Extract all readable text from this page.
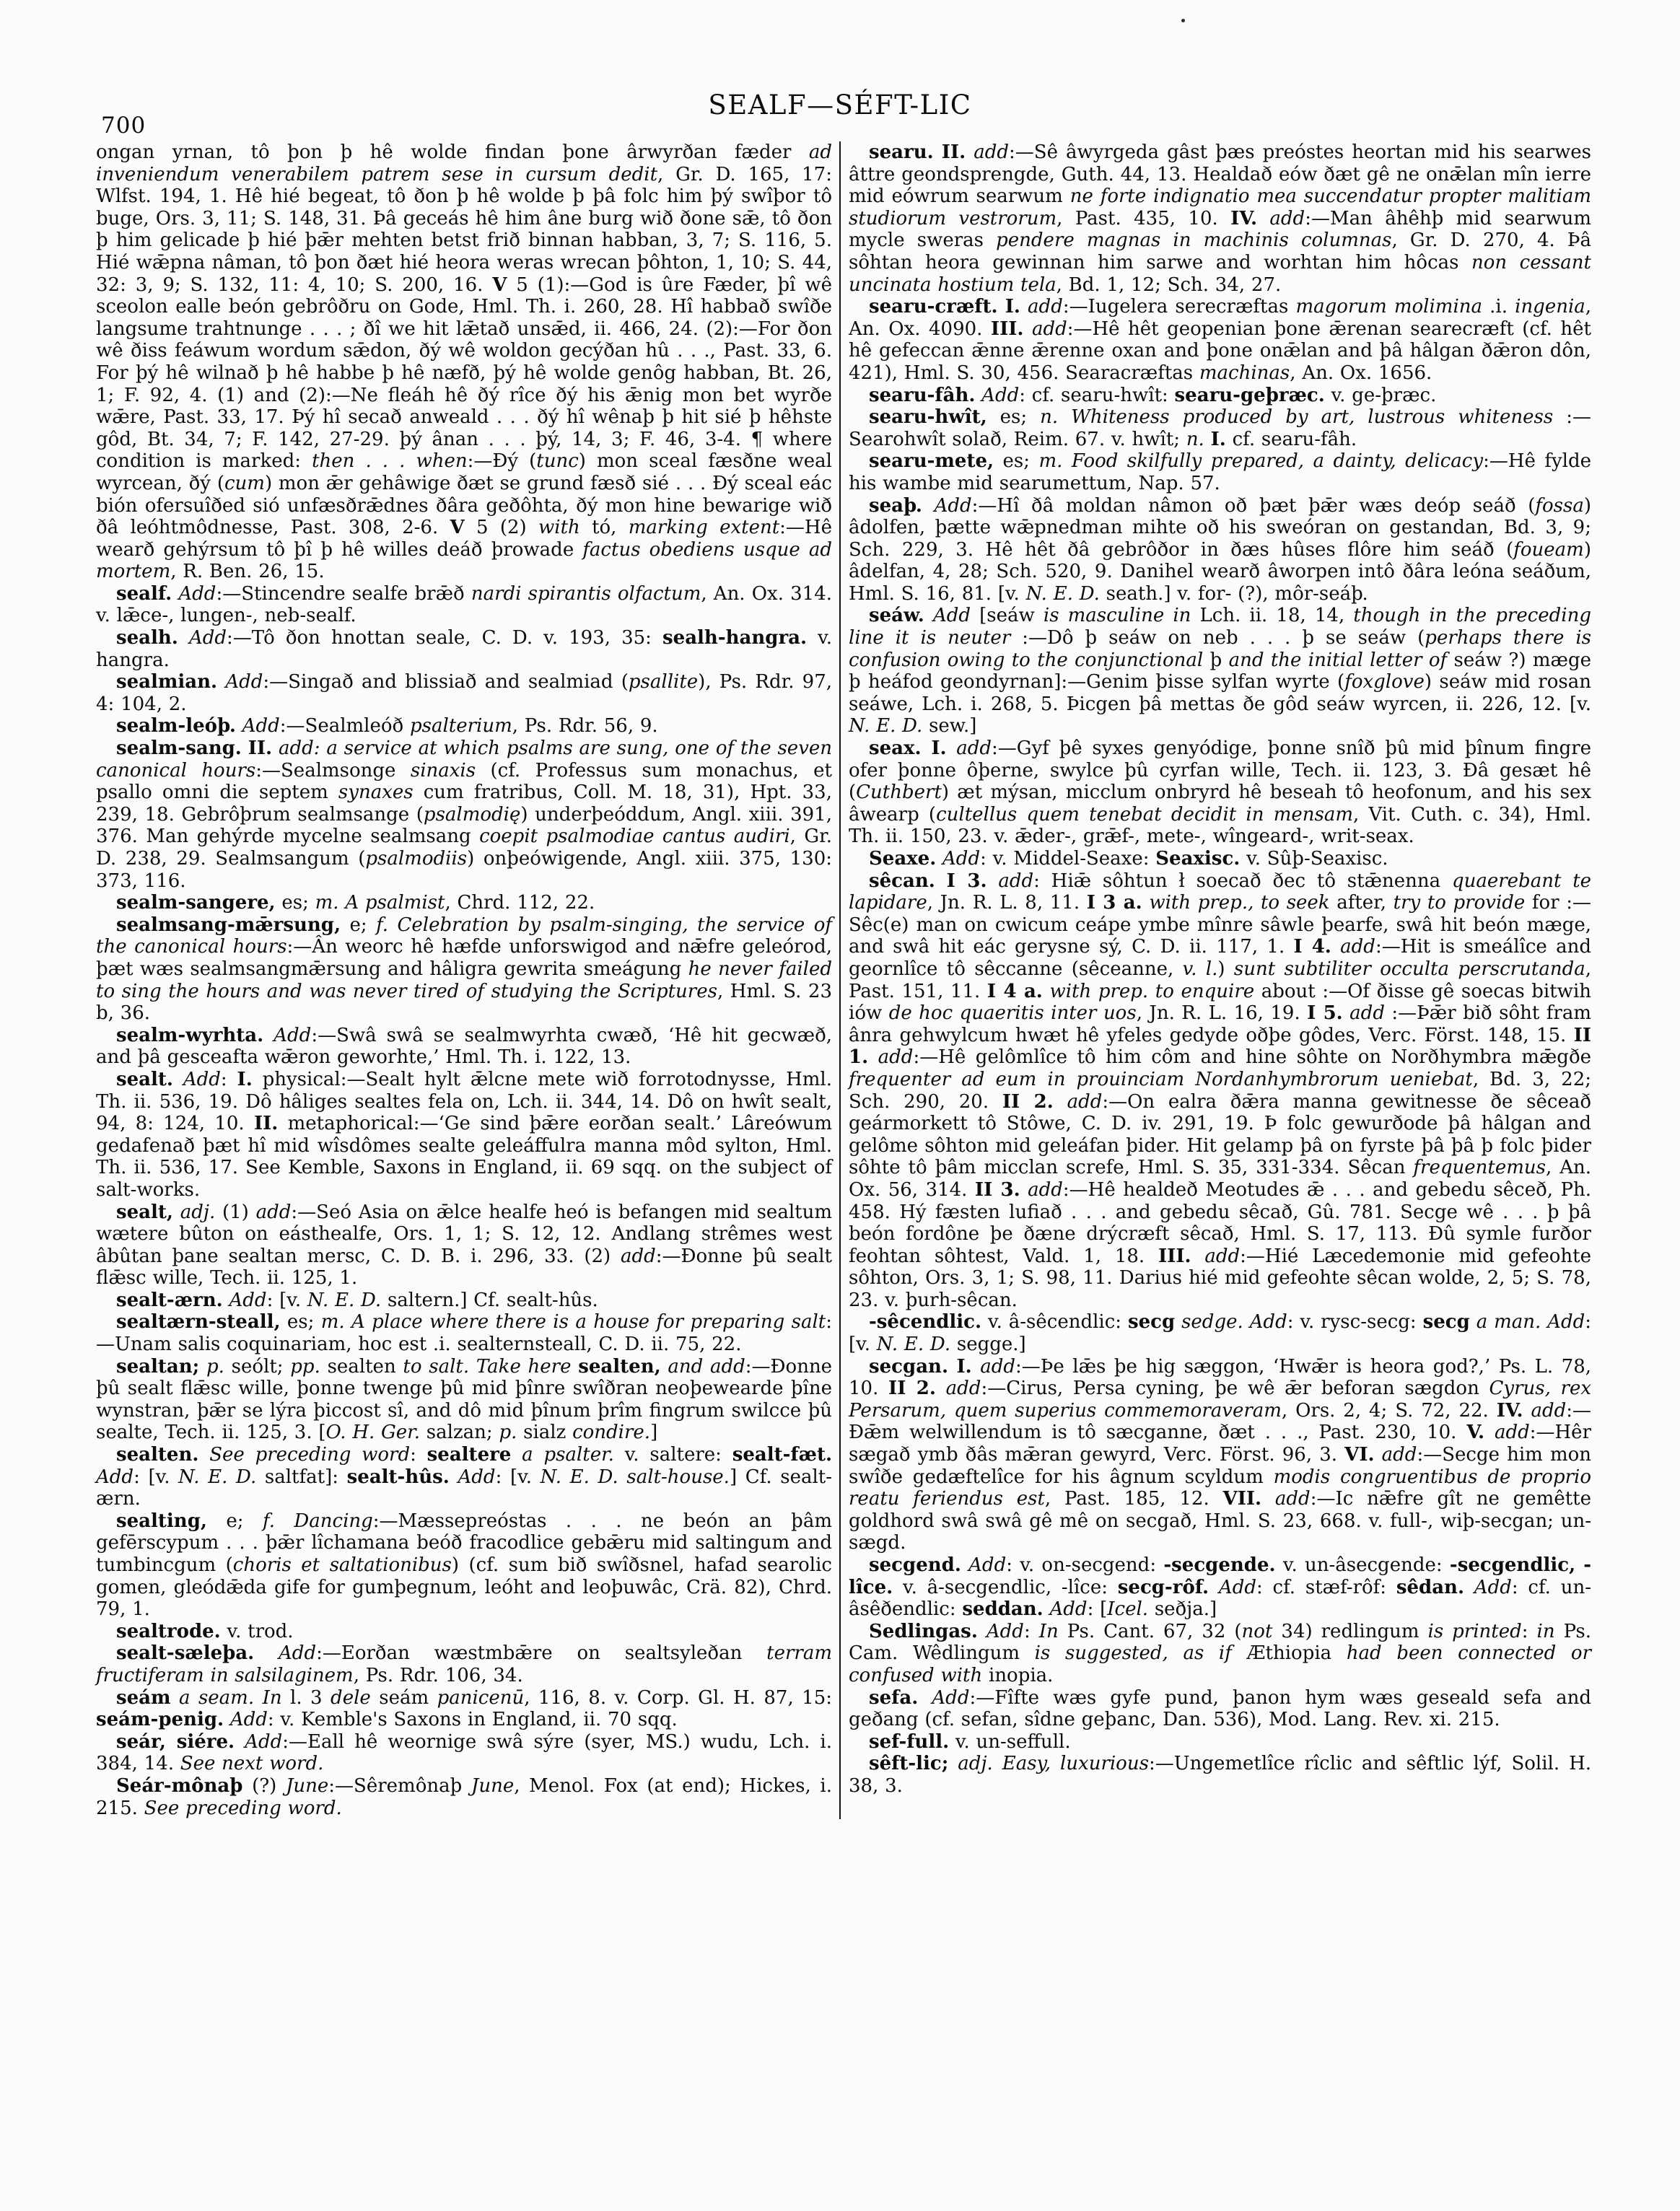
700
SEALF—SÉFT-LIC

ongan yrnan, tô þon þ hê wolde findan þone ârwyrðan fæder ad inveniendum venerabilem patrem sese in cursum dedit, Gr. D. 165, 17: Wlfst. 194, 1. Hê hié begeat, tô ðon þ hê wolde þ þâ folc him þý swîþor tô buge, Ors. 3, 11; S. 148, 31. Þâ geceás hê him âne burg wið ðone sǣ, tô ðon þ him gelicade þ hié þǣr mehten betst frið binnan habban, 3, 7; S. 116, 5. Hié wǣpna nâman, tô þon ðæt hié heora weras wrecan þôhton, 1, 10; S. 44, 32: 3, 9; S. 132, 11: 4, 10; S. 200, 16. V 5 (1):—God is ûre Fæder, þî wê sceolon ealle beón gebrôðru on Gode, Hml. Th. i. 260, 28. Hî habbað swîðe langsume trahtnunge . . . ; ðî we hit lǣtað unsǣd, ii. 466, 24. (2):—For ðon wê ðiss feáwum wordum sǣdon, ðý wê woldon gecýðan hû . . ., Past. 33, 6. For þý hê wilnað þ hê habbe þ hê næfð, þý hê wolde genôg habban, Bt. 26, 1; F. 92, 4. (1) and (2):—Ne fleáh hê ðý rîce ðý his ǣnig mon bet wyrðe wǣre, Past. 33, 17. Þý hî secað anweald . . . ðý hî wênaþ þ hit sié þ hêhste gôd, Bt. 34, 7; F. 142, 27-29. þý ânan . . . þý, 14, 3; F. 46, 3-4. ¶ where condition is marked: then . . . when:—Ðý (tunc) mon sceal fæsðne weal wyrcean, ðý (cum) mon ǣr gehâwige ðæt se grund fæsð sié . . . Ðý sceal eác bión ofersuîðed sió unfæsðrǣdnes ðâra geðôhta, ðý mon hine bewarige wið ðâ leóhtmôdnesse, Past. 308, 2-6. V 5 (2) with tó, marking extent:—Hê wearð gehýrsum tô þî þ hê willes deáð þrowade factus obediens usque ad mortem, R. Ben. 26, 15.

sealf. Add:—Stincendre sealfe brǣð nardi spirantis olfactum, An. Ox. 314. v. lǣce-, lungen-, neb-sealf.

sealh. Add:—Tô ðon hnottan seale, C. D. v. 193, 35: sealh-hangra. v. hangra.

sealmian. Add:—Singað and blissiað and sealmiad (psallite), Ps. Rdr. 97, 4: 104, 2.

sealm-leóþ. Add:—Sealmleóð psalterium, Ps. Rdr. 56, 9.

sealm-sang. II. add: a service at which psalms are sung, one of the seven canonical hours:—Sealmsonge sinaxis (cf. Professus sum monachus, et psallo omni die septem synaxes cum fratribus, Coll. M. 18, 31), Hpt. 33, 239, 18. Gebrôþrum sealmsange (psalmodię) underþeóddum, Angl. xiii. 391, 376. Man gehýrde mycelne sealmsang coepit psalmodiae cantus audiri, Gr. D. 238, 29. Sealmsangum (psalmodiis) onþeówigende, Angl. xiii. 375, 130: 373, 116.

sealm-sangere, es; m. A psalmist, Chrd. 112, 22.

sealmsang-mǣrsung, e; f. Celebration by psalm-singing, the service of the canonical hours:—Ân weorc hê hæfde unforswigod and nǣfre geleórod, þæt wæs sealmsangmǣrsung and hâligra gewrita smeágung he never failed to sing the hours and was never tired of studying the Scriptures, Hml. S. 23 b, 36.

sealm-wyrhta. Add:—Swâ swâ se sealmwyrhta cwæð, ‘Hê hit gecwæð, and þâ gesceafta wǣron geworhte,’ Hml. Th. i. 122, 13.

sealt. Add: I. physical:—Sealt hylt ǣlcne mete wið forrotodnysse, Hml. Th. ii. 536, 19. Dô hâliges sealtes fela on, Lch. ii. 344, 14. Dô on hwît sealt, 94, 8: 124, 10. II. metaphorical:—‘Ge sind þǣre eorðan sealt.’ Lâreówum gedafenað þæt hî mid wîsdômes sealte geleáffulra manna môd sylton, Hml. Th. ii. 536, 17. See Kemble, Saxons in England, ii. 69 sqq. on the subject of salt-works.

sealt, adj. (1) add:—Seó Asia on ǣlce healfe heó is befangen mid sealtum wætere bûton on eásthealfe, Ors. 1, 1; S. 12, 12. Andlang strêmes west âbûtan þane sealtan mersc, C. D. B. i. 296, 33. (2) add:—Ðonne þû sealt flǣsc wille, Tech. ii. 125, 1.

sealt-ærn. Add: [v. N. E. D. saltern.] Cf. sealt-hûs.

sealtærn-steall, es; m. A place where there is a house for preparing salt:—Unam salis coquinariam, hoc est .i. sealternsteall, C. D. ii. 75, 22.

sealtan; p. seólt; pp. sealten to salt. Take here sealten, and add:—Ðonne þû sealt flǣsc wille, þonne twenge þû mid þînre swîðran neoþewearde þîne wynstran, þǣr se lýra þiccost sî, and dô mid þînum þrîm fingrum swilcce þû sealte, Tech. ii. 125, 3. [O. H. Ger. salzan; p. sialz condire.]

sealten. See preceding word: sealtere a psalter. v. saltere: sealt-fæt. Add: [v. N. E. D. saltfat]: sealt-hûs. Add: [v. N. E. D. salt-house.] Cf. sealt-ærn.

sealting, e; f. Dancing:—Mæssepreóstas . . . ne beón an þâm gefērscypum . . . þǣr lîchamana beóð fracodlice gebǣru mid saltingum and tumbincgum (choris et saltationibus) (cf. sum bið swîðsnel, hafad searolic gomen, gleódǣda gife for gumþegnum, leóht and leoþuwâc, Crä. 82), Chrd. 79, 1.

sealtrode. v. trod.

sealt-sæleþa. Add:—Eorðan wæstmbǣre on sealtsyleðan terram fructiferam in salsilaginem, Ps. Rdr. 106, 34.

seám a seam. In l. 3 dele seám panicenū, 116, 8. v. Corp. Gl. H. 87, 15: seám-penig. Add: v. Kemble's Saxons in England, ii. 70 sqq.

seár, siére. Add:—Eall hê weornige swâ sýre (syer, MS.) wudu, Lch. i. 384, 14. See next word.

Seár-mônaþ (?) June:—Sêremônaþ June, Menol. Fox (at end); Hickes, i. 215. See preceding word.

searu. II. add:—Sê âwyrgeda gâst þæs preóstes heortan mid his searwes âttre geondsprengde, Guth. 44, 13. Healdað eów ðæt gê ne onǣlan mîn ierre mid eówrum searwum ne forte indignatio mea succendatur propter malitiam studiorum vestrorum, Past. 435, 10. IV. add:—Man âhêhþ mid searwum mycle sweras pendere magnas in machinis columnas, Gr. D. 270, 4. Þâ sôhtan heora gewinnan him sarwe and worhtan him hôcas non cessant uncinata hostium tela, Bd. 1, 12; Sch. 34, 27.

searu-cræft. I. add:—Iugelera serecræftas magorum molimina .i. ingenia, An. Ox. 4090. III. add:—Hê hêt geopenian þone ǣrenan searecræft (cf. hêt hê gefeccan ǣnne ǣrenne oxan and þone onǣlan and þâ hâlgan ðǣron dôn, 421), Hml. S. 30, 456. Searacræftas machinas, An. Ox. 1656.

searu-fâh. Add: cf. searu-hwît: searu-geþræc. v. ge-þræc.

searu-hwît, es; n. Whiteness produced by art, lustrous whiteness :—Searohwît solað, Reim. 67. v. hwît; n. I. cf. searu-fâh.

searu-mete, es; m. Food skilfully prepared, a dainty, delicacy:—Hê fylde his wambe mid searumettum, Nap. 57.

seaþ. Add:—Hî ðâ moldan nâmon oð þæt þǣr wæs deóp seáð (fossa) âdolfen, þætte wǣpnedman mihte oð his sweóran on gestandan, Bd. 3, 9; Sch. 229, 3. Hê hêt ðâ gebrôðor in ðæs hûses flôre him seáð (foueam) âdelfan, 4, 28; Sch. 520, 9. Danihel wearð âworpen intô ðâra leóna seáðum, Hml. S. 16, 81. [v. N. E. D. seath.] v. for- (?), môr-seáþ.

seáw. Add [seáw is masculine in Lch. ii. 18, 14, though in the preceding line it is neuter :—Dô þ seáw on neb . . . þ se seáw (perhaps there is confusion owing to the conjunctional þ and the initial letter of seáw ?) mæge þ heáfod geondyrnan]:—Genim þisse sylfan wyrte (foxglove) seáw mid rosan seáwe, Lch. i. 268, 5. Þicgen þâ mettas ðe gôd seáw wyrcen, ii. 226, 12. [v. N. E. D. sew.]

seax. I. add:—Gyf þê syxes genyódige, þonne snîð þû mid þînum fingre ofer þonne ôþerne, swylce þû cyrfan wille, Tech. ii. 123, 3. Ðâ gesæt hê (Cuthbert) æt mýsan, micclum onbryrd hê beseah tô heofonum, and his sex âwearp (cultellus quem tenebat decidit in mensam, Vit. Cuth. c. 34), Hml. Th. ii. 150, 23. v. ǣder-, grǣf-, mete-, wîngeard-, writ-seax.

Seaxe. Add: v. Middel-Seaxe: Seaxisc. v. Sûþ-Seaxisc.

sêcan. I 3. add: Hiǣ sôhtun ł soecað ðec tô stǣnenna quaerebant te lapidare, Jn. R. L. 8, 11. I 3 a. with prep., to seek after, try to provide for :—Sêc(e) man on cwicum ceápe ymbe mînre sâwle þearfe, swâ hit beón mæge, and swâ hit eác gerysne sý, C. D. ii. 117, 1. I 4. add:—Hit is smeálîce and geornlîce tô sêccanne (sêceanne, v. l.) sunt subtiliter occulta perscrutanda, Past. 151, 11. I 4 a. with prep. to enquire about :—Of ðisse gê soecas bitwih iów de hoc quaeritis inter uos, Jn. R. L. 16, 19. I 5. add :—Þǣr bið sôht fram ânra gehwylcum hwæt hê yfeles gedyde oðþe gôdes, Verc. Först. 148, 15. II 1. add:—Hê gelômlîce tô him côm and hine sôhte on Norðhymbra mǣgðe frequenter ad eum in prouinciam Nordanhymbrorum ueniebat, Bd. 3, 22; Sch. 290, 20. II 2. add:—On ealra ðǣra manna gewitnesse ðe sêceað geármorkett tô Stôwe, C. D. iv. 291, 19. Þ folc gewurðode þâ hâlgan and gelôme sôhton mid geleáfan þider. Hit gelamp þâ on fyrste þâ þâ þ folc þider sôhte tô þâm micclan screfe, Hml. S. 35, 331-334. Sêcan frequentemus, An. Ox. 56, 314. II 3. add:—Hê healdeð Meotudes ǣ . . . and gebedu sêceð, Ph. 458. Hý fæsten lufiað . . . and gebedu sêcað, Gû. 781. Secge wê . . . þ þâ beón fordône þe ðæne drýcræft sêcað, Hml. S. 17, 113. Ðû symle furðor feohtan sôhtest, Vald. 1, 18. III. add:—Hié Læcedemonie mid gefeohte sôhton, Ors. 3, 1; S. 98, 11. Darius hié mid gefeohte sêcan wolde, 2, 5; S. 78, 23. v. þurh-sêcan.

-sêcendlic. v. â-sêcendlic: secg sedge. Add: v. rysc-secg: secg a man. Add: [v. N. E. D. segge.]

secgan. I. add:—Þe lǣs þe hig sæggon, ‘Hwǣr is heora god?,’ Ps. L. 78, 10. II 2. add:—Cirus, Persa cyning, þe wê ǣr beforan sægdon Cyrus, rex Persarum, quem superius commemoraveram, Ors. 2, 4; S. 72, 22. IV. add:—Ðǣm welwillendum is tô sæcganne, ðæt . . ., Past. 230, 10. V. add:—Hêr sægað ymb ðâs mǣran gewyrd, Verc. Först. 96, 3. VI. add:—Secge him mon swîðe gedæftelîce for his âgnum scyldum modis congruentibus de proprio reatu feriendus est, Past. 185, 12. VII. add:—Ic nǣfre gît ne gemêtte goldhord swâ swâ gê mê on secgað, Hml. S. 23, 668. v. full-, wiþ-secgan; un-sægd.

secgend. Add: v. on-secgend: -secgende. v. un-âsecgende: -secgendlic, -lîce. v. â-secgendlic, -lîce: secg-rôf. Add: cf. stæf-rôf: sêdan. Add: cf. un-âsêðendlic: seddan. Add: [Icel. seðja.]

Sedlingas. Add: In Ps. Cant. 67, 32 (not 34) redlingum is printed: in Ps. Cam. Wêdlingum is suggested, as if Æthiopia had been connected or confused with inopia.

sefa. Add:—Fîfte wæs gyfe pund, þanon hym wæs geseald sefa and geðang (cf. sefan, sîdne geþanc, Dan. 536), Mod. Lang. Rev. xi. 215.

sef-full. v. un-seffull.

sêft-lic; adj. Easy, luxurious:—Ungemetlîce rîclic and sêftlic lýf, Solil. H. 38, 3.
